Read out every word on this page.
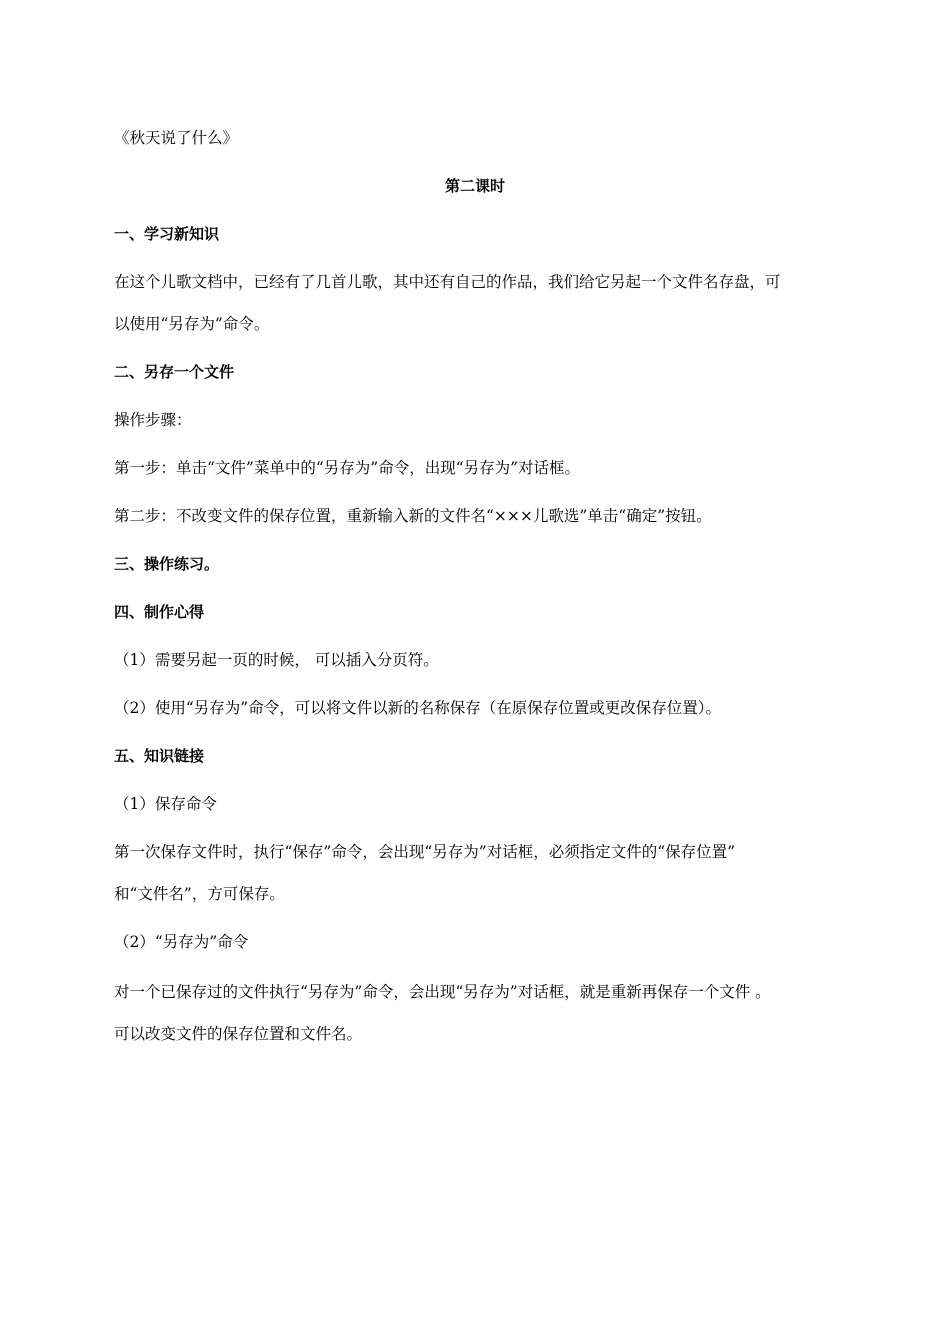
《秋天说了什么》
第二课时
一、学习新知识
在这个儿歌文档中，已经有了几首儿歌，其中还有自己的作品，我们给它另起一个文件名存盘，可
以使用“另存为”命令。
二、另存一个文件
操作步骤：
第一步：单击“文件”菜单中的“另存为”命令，出现“另存为”对话框。
第二步：不改变文件的保存位置，重新输入新的文件名“×××儿歌选”单击“确定”按钮。
三、操作练习。
四、制作心得
（1）需要另起一页的时候， 可以插入分页符。
（2）使用“另存为”命令，可以将文件以新的名称保存（在原保存位置或更改保存位置）。
五、知识链接
（1）保存命令
第一次保存文件时，执行“保存”命令，会出现“另存为”对话框，必须指定文件的“保存位置”
和“文件名”，方可保存。
（2）“另存为”命令
对一个已保存过的文件执行“另存为”命令，会出现“另存为”对话框，就是重新再保存一个文件 。
可以改变文件的保存位置和文件名。
